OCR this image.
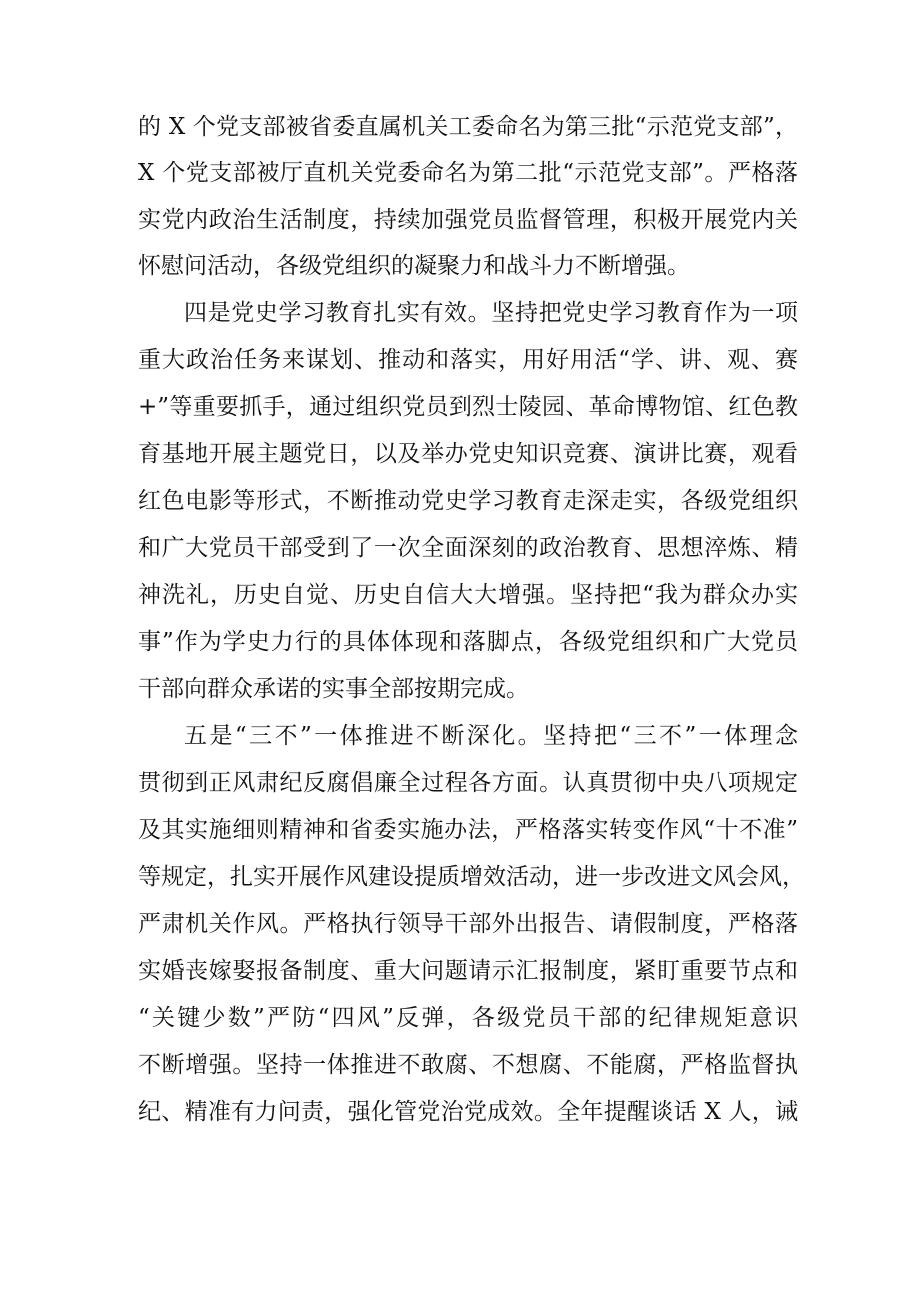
的 X 个党支部被省委直属机关工委命名为第三批“示范党支部”，
X 个党支部被厅直机关党委命名为第二批“示范党支部”。严格落
实党内政治生活制度，持续加强党员监督管理，积极开展党内关
怀慰问活动，各级党组织的凝聚力和战斗力不断增强。
四是党史学习教育扎实有效。坚持把党史学习教育作为一项
重大政治任务来谋划、推动和落实，用好用活“学、讲、观、赛
+”等重要抓手，通过组织党员到烈士陵园、革命博物馆、红色教
育基地开展主题党日，以及举办党史知识竞赛、演讲比赛，观看
红色电影等形式，不断推动党史学习教育走深走实，各级党组织
和广大党员干部受到了一次全面深刻的政治教育、思想淬炼、精
神洗礼，历史自觉、历史自信大大增强。坚持把“我为群众办实
事”作为学史力行的具体体现和落脚点，各级党组织和广大党员
干部向群众承诺的实事全部按期完成。
五是“三不”一体推进不断深化。坚持把“三不”一体理念
贯彻到正风肃纪反腐倡廉全过程各方面。认真贯彻中央八项规定
及其实施细则精神和省委实施办法，严格落实转变作风“十不准”
等规定，扎实开展作风建设提质增效活动，进一步改进文风会风，
严肃机关作风。严格执行领导干部外出报告、请假制度，严格落
实婚丧嫁娶报备制度、重大问题请示汇报制度，紧盯重要节点和
“关键少数”严防“四风”反弹，各级党员干部的纪律规矩意识
不断增强。坚持一体推进不敢腐、不想腐、不能腐，严格监督执
纪、精准有力问责，强化管党治党成效。全年提醒谈话 X 人，诫
